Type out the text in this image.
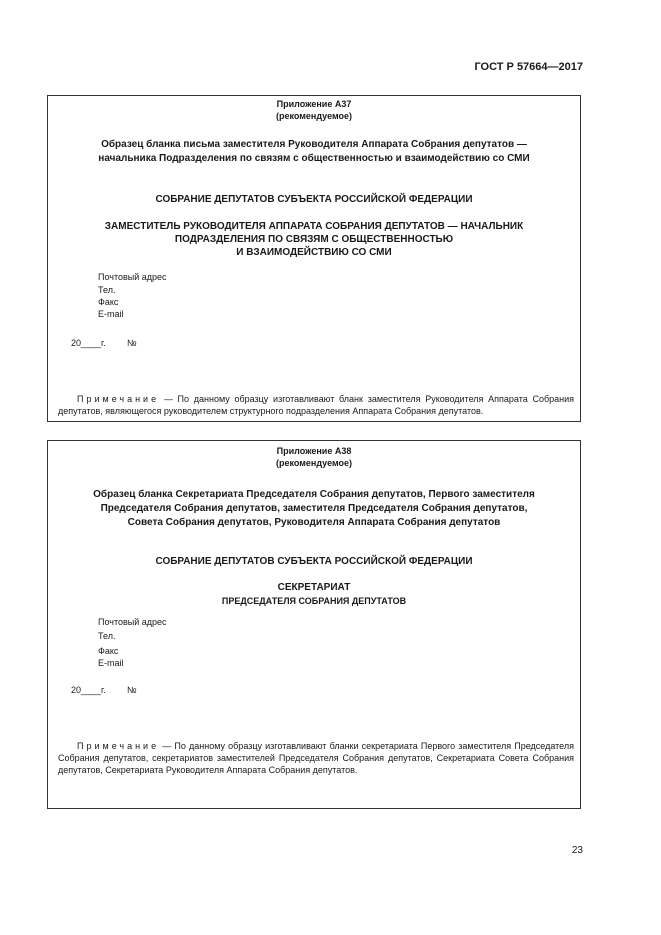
ГОСТ Р 57664—2017
Приложение А37
(рекомендуемое)
Образец бланка письма заместителя Руководителя Аппарата Собрания депутатов —
начальника Подразделения по связям с общественностью и взаимодействию со СМИ
СОБРАНИЕ ДЕПУТАТОВ СУБЪЕКТА РОССИЙСКОЙ ФЕДЕРАЦИИ
ЗАМЕСТИТЕЛЬ РУКОВОДИТЕЛЯ АППАРАТА СОБРАНИЯ ДЕПУТАТОВ — НАЧАЛЬНИК
ПОДРАЗДЕЛЕНИЯ ПО СВЯЗЯМ С ОБЩЕСТВЕННОСТЬЮ
И ВЗАИМОДЕЙСТВИЮ СО СМИ
Почтовый адрес
Тел.
Факс
E-mail
20____г. №
Примечание — По данному образцу изготавливают бланк заместителя Руководителя Аппарата Собрания депутатов, являющегося руководителем структурного подразделения Аппарата Собрания депутатов.
Приложение А38
(рекомендуемое)
Образец бланка Секретариата Председателя Собрания депутатов, Первого заместителя
Председателя Собрания депутатов, заместителя Председателя Собрания депутатов,
Совета Собрания депутатов, Руководителя Аппарата Собрания депутатов
СОБРАНИЕ ДЕПУТАТОВ СУБЪЕКТА РОССИЙСКОЙ ФЕДЕРАЦИИ
СЕКРЕТАРИАТ
ПРЕДСЕДАТЕЛЯ СОБРАНИЯ ДЕПУТАТОВ
Почтовый адрес
Тел.
Факс
E-mail
20____г. №
Примечание — По данному образцу изготавливают бланки секретариата Первого заместителя Председателя Собрания депутатов, секретариатов заместителей Председателя Собрания депутатов, Секретариата Совета Собрания депутатов, Секретариата Руководителя Аппарата Собрания депутатов.
23
